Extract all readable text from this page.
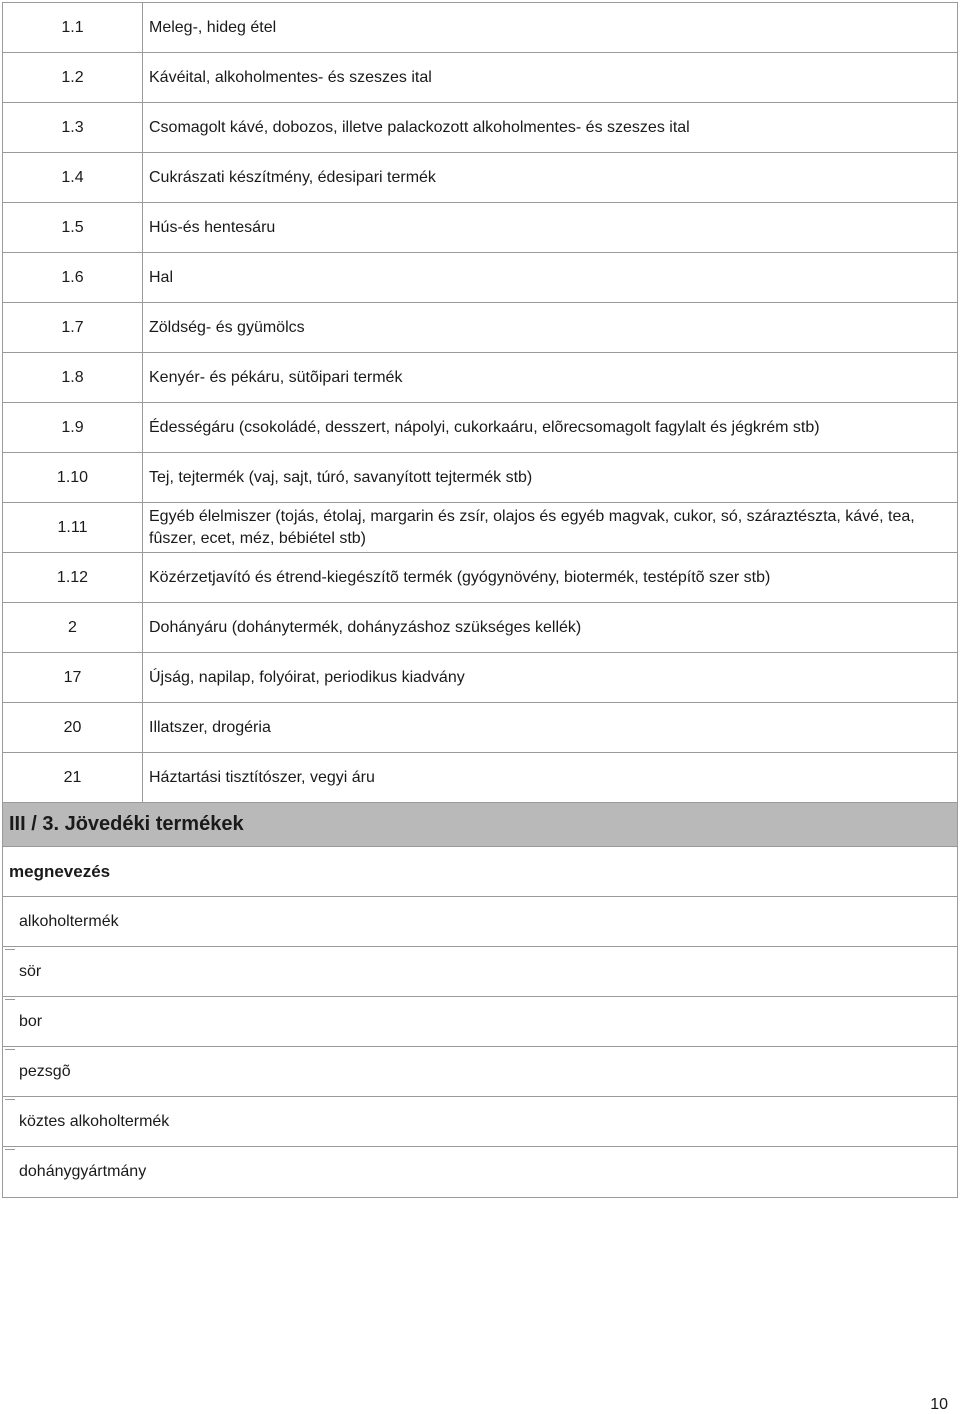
1.1	Meleg-, hideg étel
1.2	Kávéital, alkoholmentes- és szeszes ital
1.3	Csomagolt kávé, dobozos, illetve palackozott alkoholmentes- és szeszes ital
1.4	Cukrászati készítmény, édesipari termék
1.5	Hús-és hentesáru
1.6	Hal
1.7	Zöldség- és gyümölcs
1.8	Kenyér- és pékáru, sütõipari termék
1.9	Édességáru (csokoládé, desszert, nápolyi, cukorkaáru, elõrecsomagolt fagylalt és jégkrém stb)
1.10	Tej, tejtermék (vaj, sajt, túró, savanyított tejtermék stb)
1.11	Egyéb élelmiszer (tojás, étolaj, margarin és zsír, olajos és egyéb magvak, cukor, só, száraztészta, kávé, tea, fûszer, ecet, méz, bébiétel stb)
1.12	Közérzetjavító és étrend-kiegészítõ termék (gyógynövény, biotermék, testépítõ szer stb)
2	Dohányáru (dohánytermék, dohányzáshoz szükséges kellék)
17	Újság, napilap, folyóirat, periodikus kiadvány
20	Illatszer, drogéria
21	Háztartási tisztítószer, vegyi áru
III / 3. Jövedéki termékek
megnevezés
alkoholtermék
sör
bor
pezsgõ
köztes alkoholtermék
dohánygyártmány
10
